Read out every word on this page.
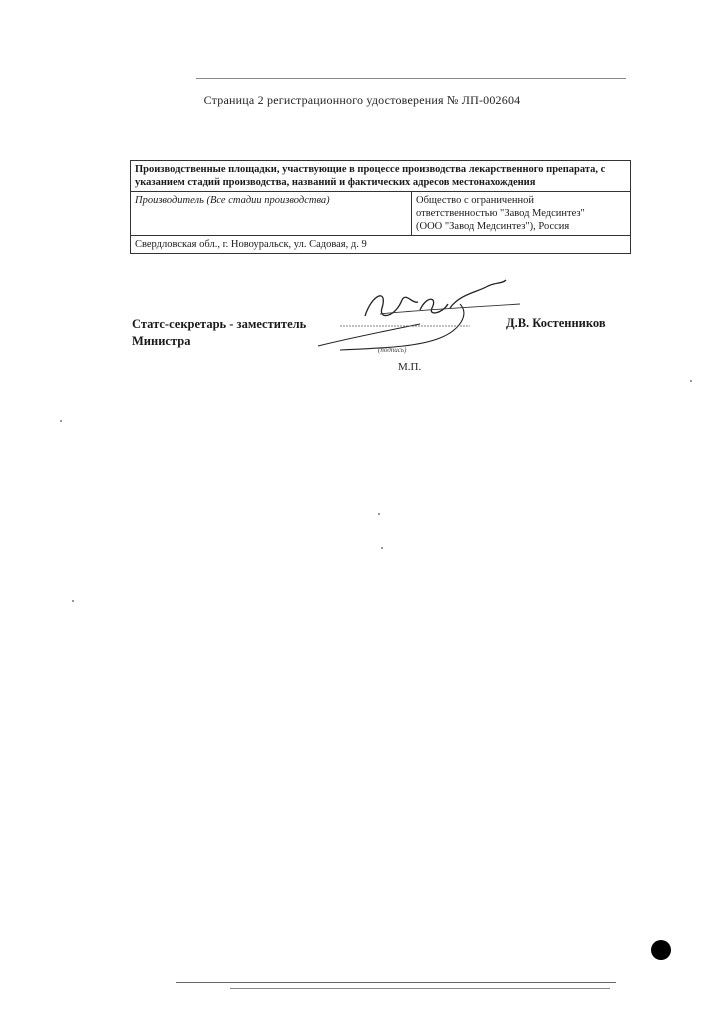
Страница 2 регистрационного удостоверения № ЛП-002604
Производственные площадки, участвующие в процессе производства лекарственного препарата, с указанием стадий производства, названий и фактических адресов местонахождения
Производитель (Все стадии производства)	Общество с ограниченной
ответственностью "Завод Медсинтез"
(ООО "Завод Медсинтез"), Россия

Свердловская обл., г. Новоуральск, ул. Садовая, д. 9
Статс-секретарь - заместитель
Министра
Д.В. Костенников
(подпись)
М.П.
